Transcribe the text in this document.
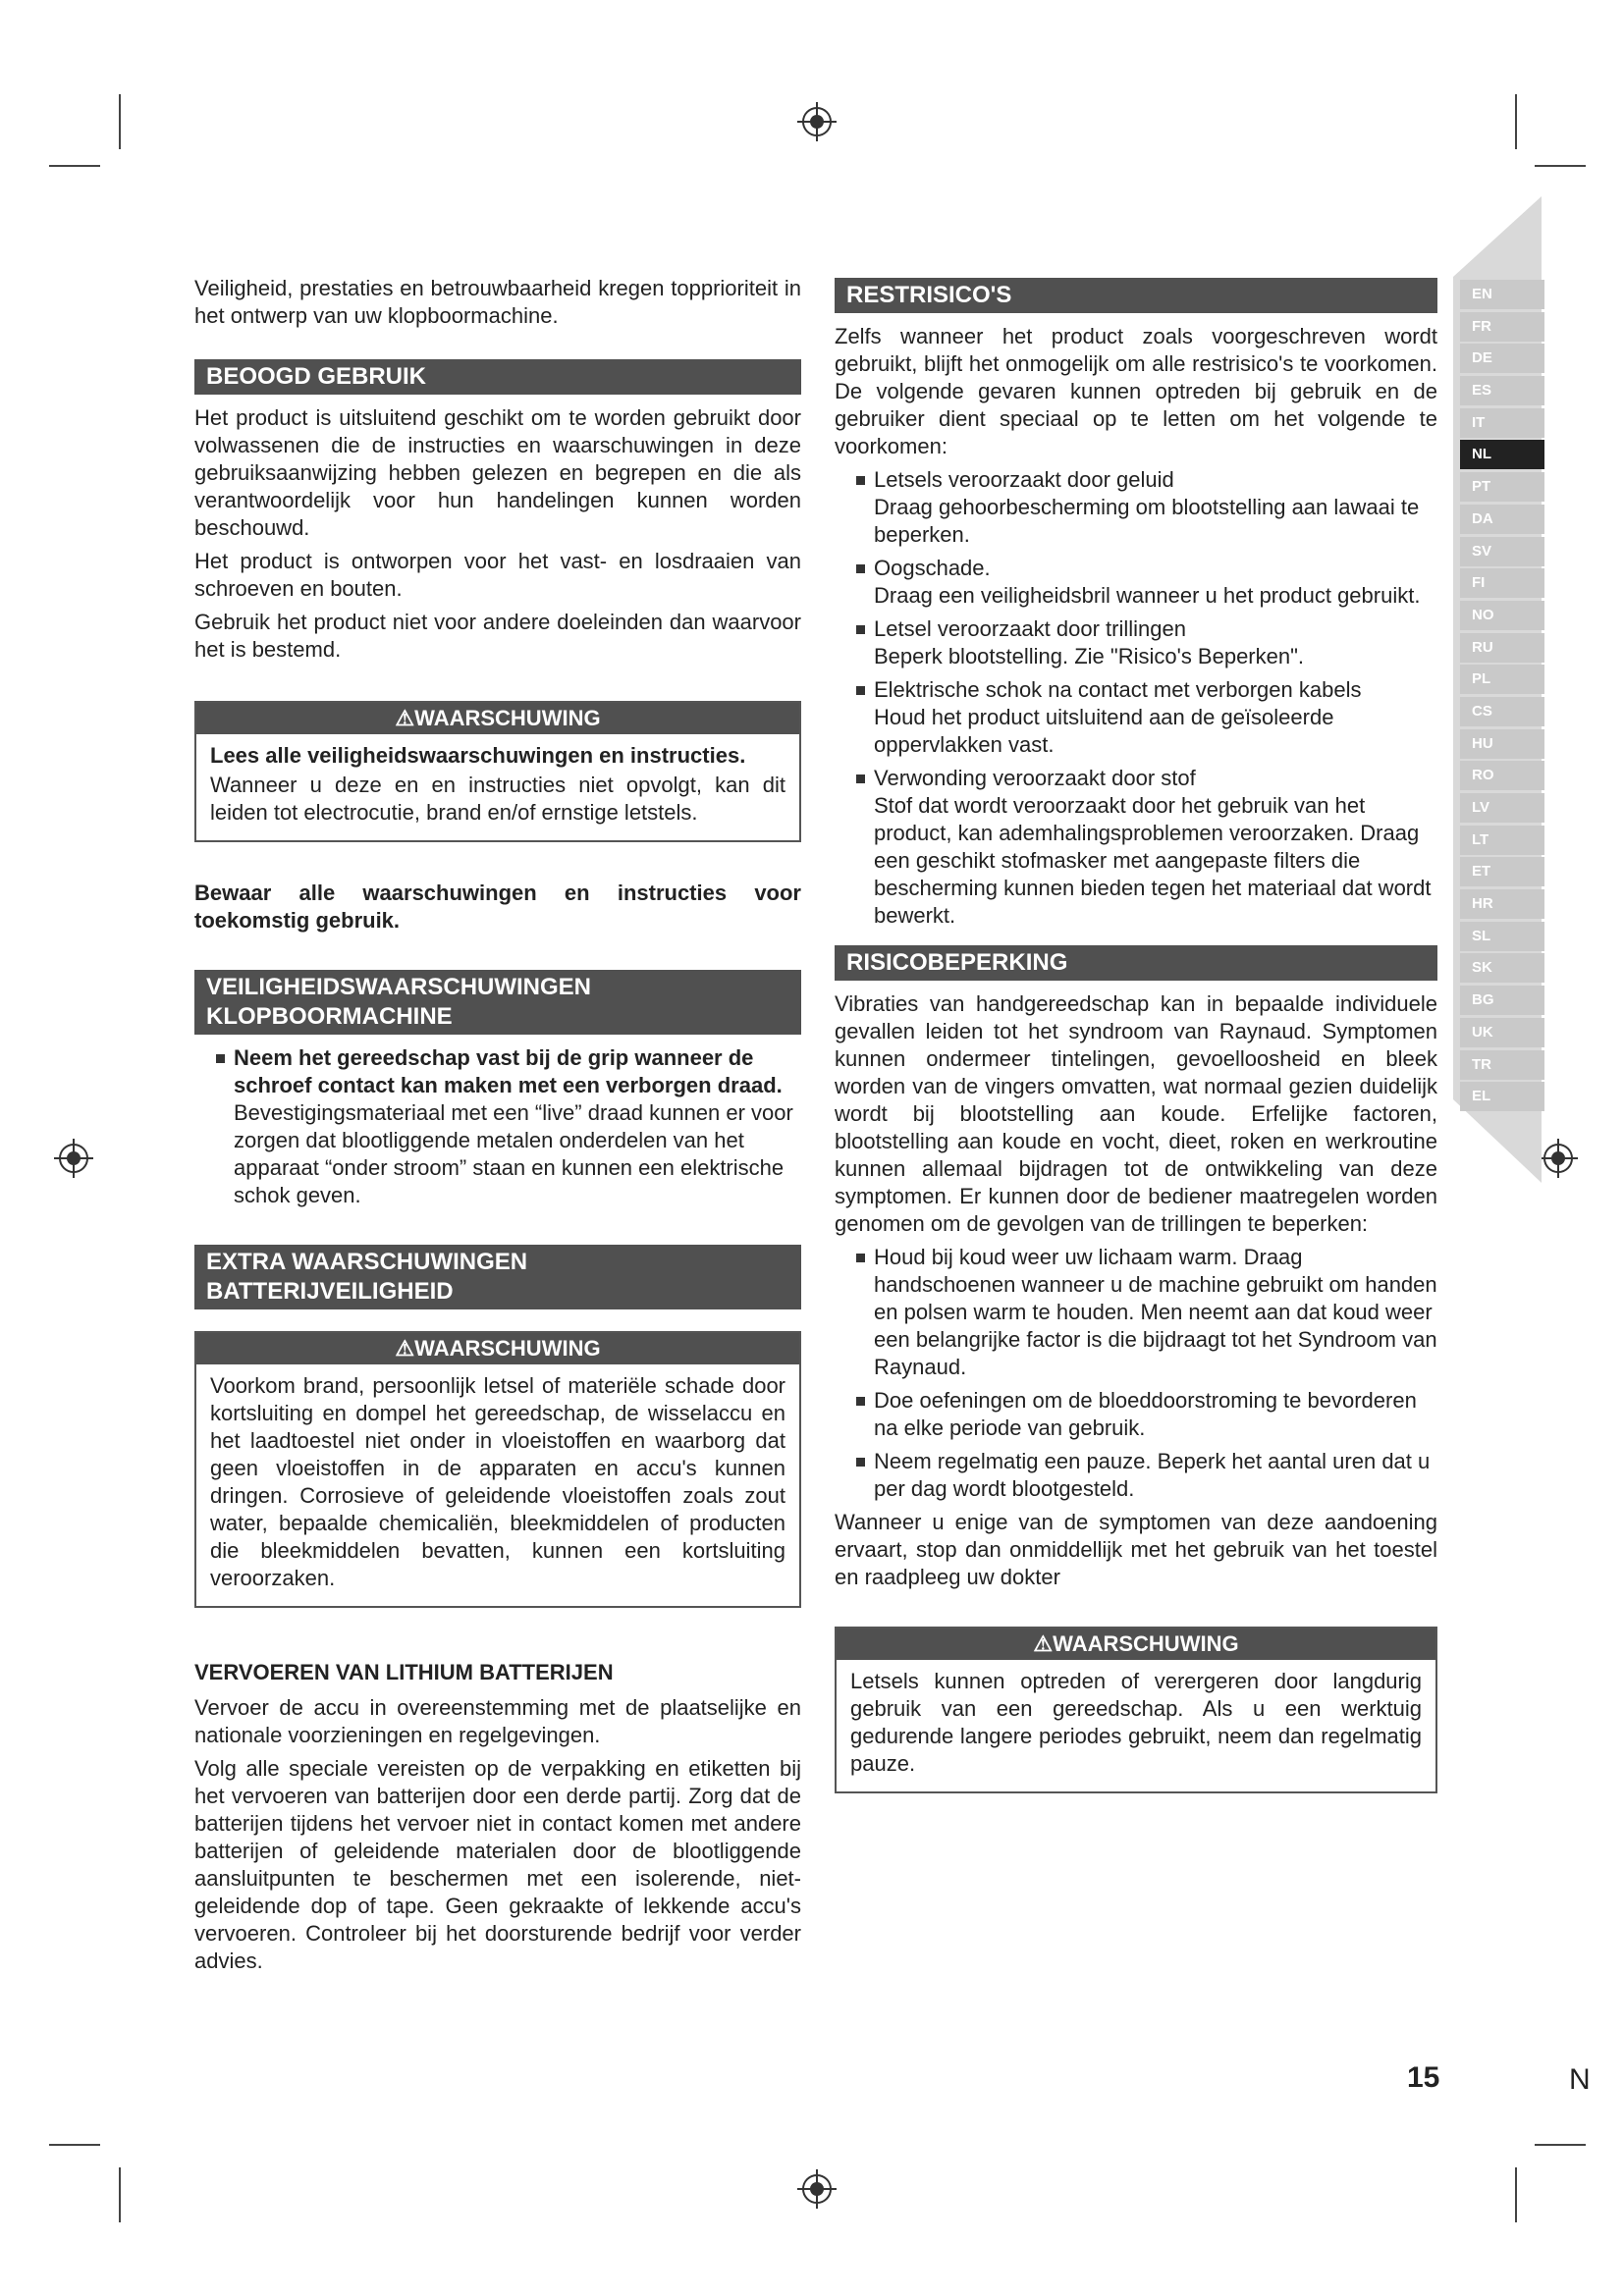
EN
FR
DE
ES
IT
NL
PT
DA
SV
FI
NO
RU
PL
CS
HU
RO
LV
LT
ET
HR
SL
SK
BG
UK
TR
EL

Veiligheid, prestaties en betrouwbaarheid kregen topprioriteit in het ontwerp van uw klopboormachine.

BEOOGD GEBRUIK

Het product is uitsluitend geschikt om te worden gebruikt door volwassenen die de instructies en waarschuwingen in deze gebruiksaanwijzing hebben gelezen en begrepen en die als verantwoordelijk voor hun handelingen kunnen worden beschouwd.

Het product is ontworpen voor het vast- en losdraaien van schroeven en bouten.

Gebruik het product niet voor andere doeleinden dan waarvoor het is bestemd.

⚠WAARSCHUWING

Lees alle veiligheidswaarschuwingen en instructies.

Wanneer u deze en en instructies niet opvolgt, kan dit leiden tot electrocutie, brand en/of ernstige letstels.

Bewaar alle waarschuwingen en instructies voor toekomstig gebruik.

VEILIGHEIDSWAARSCHUWINGEN
KLOPBOORMACHINE
Neem het gereedschap vast bij de grip wanneer de schroef contact kan maken met een verborgen draad. Bevestigingsmateriaal met een “live” draad kunnen er voor zorgen dat blootliggende metalen onderdelen van het apparaat “onder stroom” staan en kunnen een elektrische schok geven.
EXTRA WAARSCHUWINGEN
BATTERIJVEILIGHEID
⚠WAARSCHUWING

Voorkom brand, persoonlijk letsel of materiële schade door kortsluiting en dompel het gereedschap, de wisselaccu en het laadtoestel niet onder in vloeistoffen en waarborg dat geen vloeistoffen in de apparaten en accu's kunnen dringen. Corrosieve of geleidende vloeistoffen zoals zout water, bepaalde chemicaliën, bleekmiddelen of producten die bleekmiddelen bevatten, kunnen een kortsluiting veroorzaken.

VERVOEREN VAN LITHIUM BATTERIJEN

Vervoer de accu in overeenstemming met de plaatselijke en nationale voorzieningen en regelgevingen.

Volg alle speciale vereisten op de verpakking en etiketten bij het vervoeren van batterijen door een derde partij. Zorg dat de batterijen tijdens het vervoer niet in contact komen met andere batterijen of geleidende materialen door de blootliggende aansluitpunten te beschermen met een isolerende, niet-geleidende dop of tape. Geen gekraakte of lekkende accu's vervoeren. Controleer bij het doorsturende bedrijf voor verder advies.

RESTRISICO'S

Zelfs wanneer het product zoals voorgeschreven wordt gebruikt, blijft het onmogelijk om alle restrisico's te voorkomen. De volgende gevaren kunnen optreden bij gebruik en de gebruiker dient speciaal op te letten om het volgende te voorkomen:

Letsels veroorzaakt door geluid
Draag gehoorbescherming om blootstelling aan lawaai te beperken.
Oogschade.
Draag een veiligheidsbril wanneer u het product gebruikt.
Letsel veroorzaakt door trillingen
Beperk blootstelling. Zie "Risico's Beperken".
Elektrische schok na contact met verborgen kabels
Houd het product uitsluitend aan de geïsoleerde oppervlakken vast.
Verwonding veroorzaakt door stof
Stof dat wordt veroorzaakt door het gebruik van het product, kan ademhalingsproblemen veroorzaken. Draag een geschikt stofmasker met aangepaste filters die bescherming kunnen bieden tegen het materiaal dat wordt bewerkt.
RISICOBEPERKING

Vibraties van handgereedschap kan in bepaalde individuele gevallen leiden tot het syndroom van Raynaud. Symptomen kunnen ondermeer tintelingen, gevoelloosheid en bleek worden van de vingers omvatten, wat normaal gezien duidelijk wordt bij blootstelling aan koude. Erfelijke factoren, blootstelling aan koude en vocht, dieet, roken en werkroutine kunnen allemaal bijdragen tot de ontwikkeling van deze symptomen. Er kunnen door de bediener maatregelen worden genomen om de gevolgen van de trillingen te beperken:

Houd bij koud weer uw lichaam warm. Draag handschoenen wanneer u de machine gebruikt om handen en polsen warm te houden. Men neemt aan dat koud weer een belangrijke factor is die bijdraagt tot het Syndroom van Raynaud.
Doe oefeningen om de bloeddoorstroming te bevorderen na elke periode van gebruik.
Neem regelmatig een pauze. Beperk het aantal uren dat u per dag wordt blootgesteld.

Wanneer u enige van de symptomen van deze aandoening ervaart, stop dan onmiddellijk met het gebruik van het toestel en raadpleeg uw dokter

⚠WAARSCHUWING

Letsels kunnen optreden of verergeren door langdurig gebruik van een gereedschap. Als u een werktuig gedurende langere periodes gebruikt, neem dan regelmatig pauze.

15	N
